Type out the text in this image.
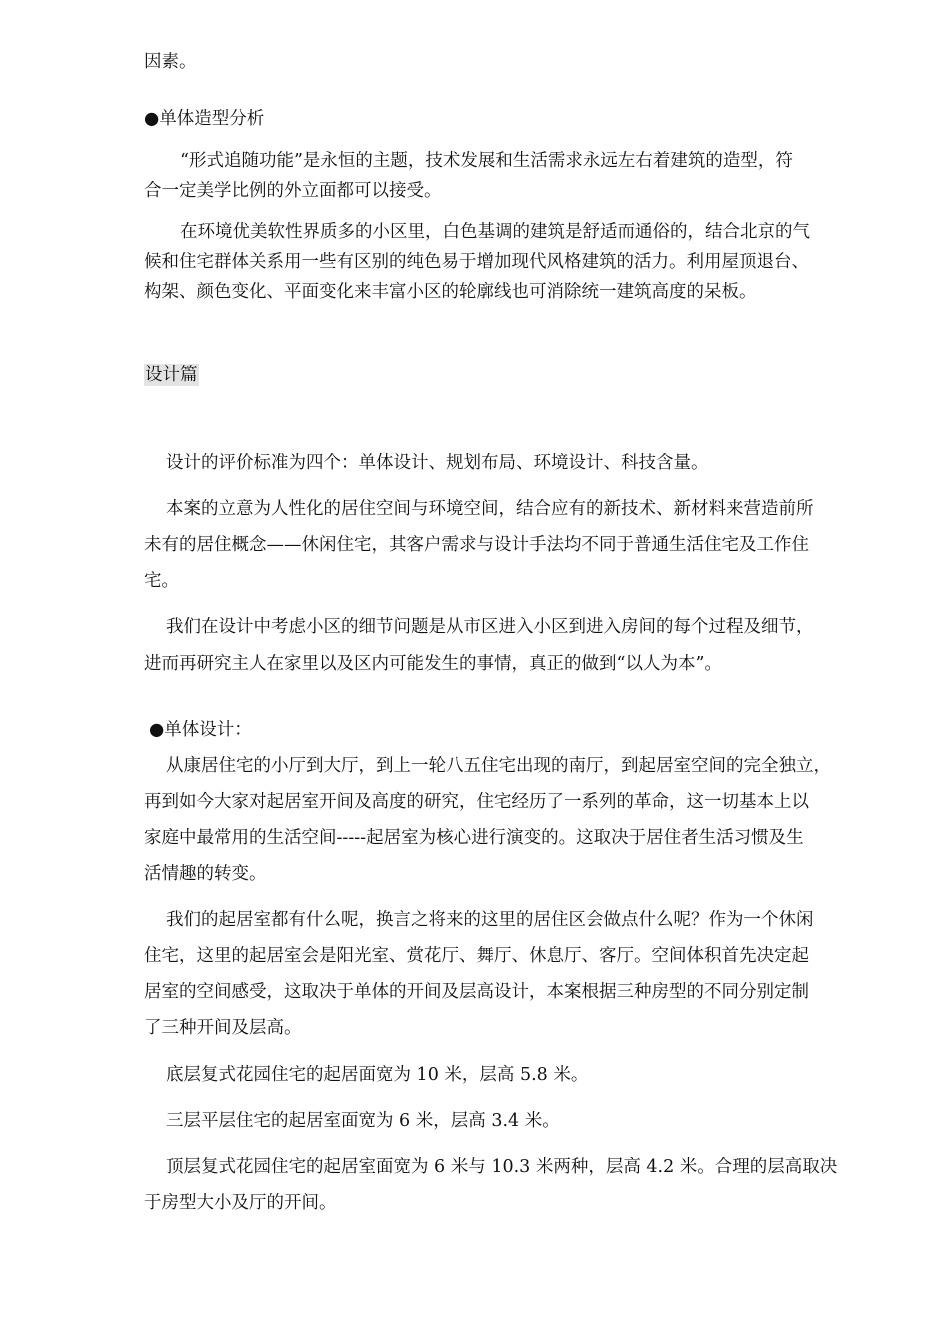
因素。
●单体造型分析
“形式追随功能”是永恒的主题，技术发展和生活需求永远左右着建筑的造型，符
合一定美学比例的外立面都可以接受。
在环境优美软性界质多的小区里，白色基调的建筑是舒适而通俗的，结合北京的气
候和住宅群体关系用一些有区别的纯色易于增加现代风格建筑的活力。利用屋顶退台、
构架、颜色变化、平面变化来丰富小区的轮廓线也可消除统一建筑高度的呆板。
设计篇
设计的评价标准为四个：单体设计、规划布局、环境设计、科技含量。
本案的立意为人性化的居住空间与环境空间，结合应有的新技术、新材料来营造前所
未有的居住概念——休闲住宅，其客户需求与设计手法均不同于普通生活住宅及工作住
宅。
我们在设计中考虑小区的细节问题是从市区进入小区到进入房间的每个过程及细节，
进而再研究主人在家里以及区内可能发生的事情，真正的做到“以人为本”。
●单体设计：
从康居住宅的小厅到大厅，到上一轮八五住宅出现的南厅，到起居室空间的完全独立，
再到如今大家对起居室开间及高度的研究，住宅经历了一系列的革命，这一切基本上以
家庭中最常用的生活空间-----起居室为核心进行演变的。这取决于居住者生活习惯及生
活情趣的转变。
我们的起居室都有什么呢，换言之将来的这里的居住区会做点什么呢？作为一个休闲
住宅，这里的起居室会是阳光室、赏花厅、舞厅、休息厅、客厅。空间体积首先决定起
居室的空间感受，这取决于单体的开间及层高设计，本案根据三种房型的不同分别定制
了三种开间及层高。
底层复式花园住宅的起居面宽为 10 米，层高 5.8 米。
三层平层住宅的起居室面宽为 6 米，层高 3.4 米。
顶层复式花园住宅的起居室面宽为 6 米与 10.3 米两种，层高 4.2 米。合理的层高取决
于房型大小及厅的开间。
